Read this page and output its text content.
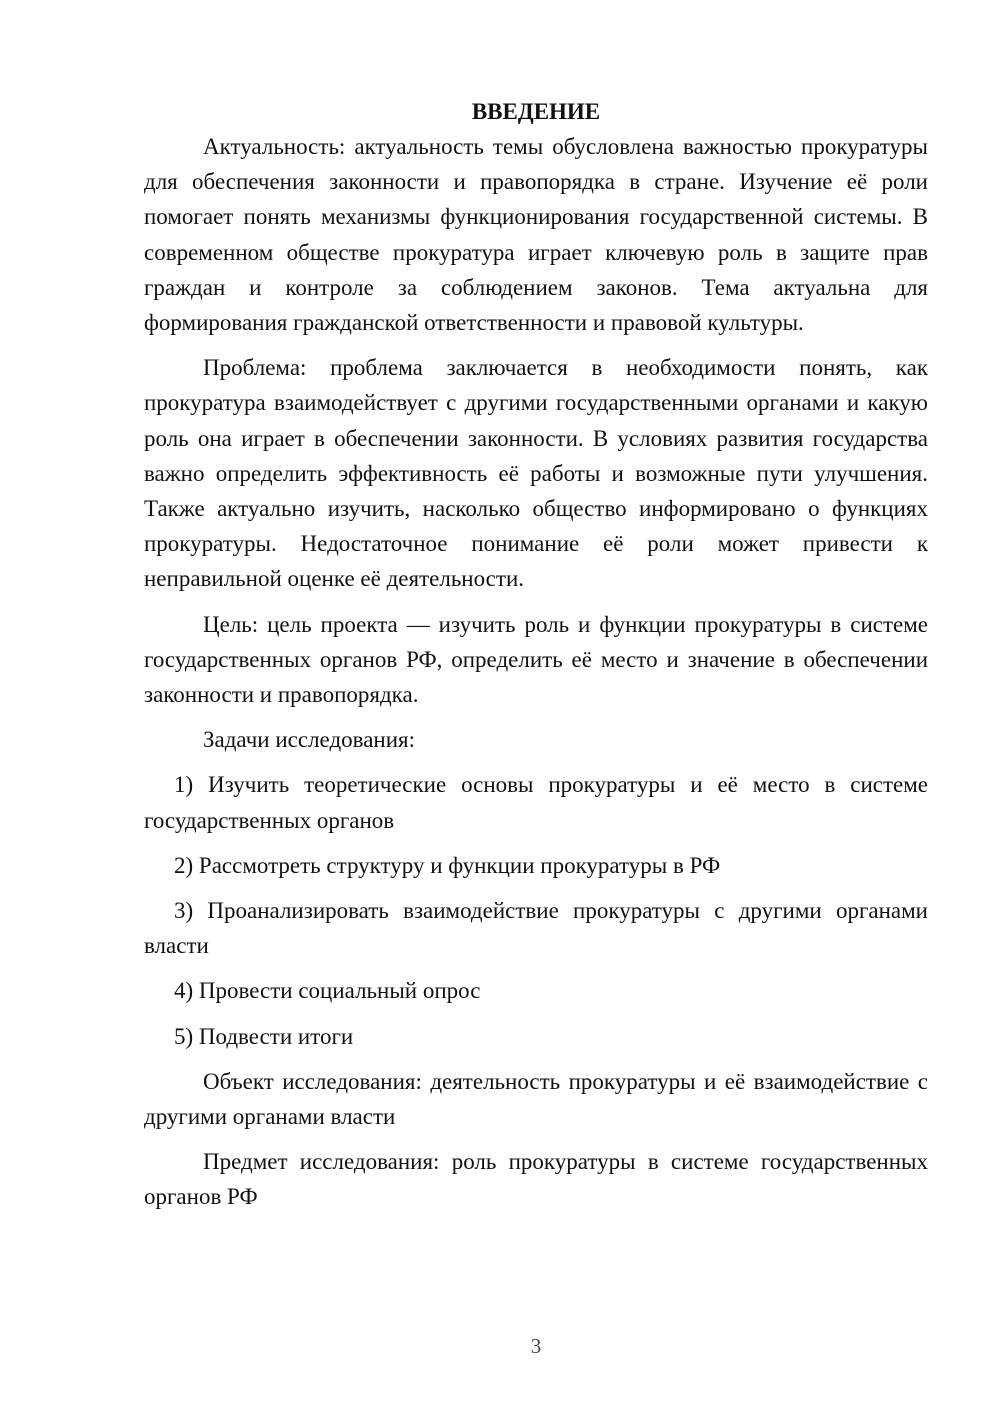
ВВЕДЕНИЕ

Актуальность: актуальность темы обусловлена важностью прокуратуры для обеспечения законности и правопорядка в стране. Изучение её роли помогает понять механизмы функционирования государственной системы. В современном обществе прокуратура играет ключевую роль в защите прав граждан и контроле за соблюдением законов. Тема актуальна для формирования гражданской ответственности и правовой культуры.

Проблема: проблема заключается в необходимости понять, как прокуратура взаимодействует с другими государственными органами и какую роль она играет в обеспечении законности. В условиях развития государства важно определить эффективность её работы и возможные пути улучшения. Также актуально изучить, насколько общество информировано о функциях прокуратуры. Недостаточное понимание её роли может привести к неправильной оценке её деятельности.

Цель: цель проекта — изучить роль и функции прокуратуры в системе государственных органов РФ, определить её место и значение в обеспечении законности и правопорядка.

Задачи исследования:

1) Изучить теоретические основы прокуратуры и её место в системе государственных органов

2) Рассмотреть структуру и функции прокуратуры в РФ

3) Проанализировать взаимодействие прокуратуры с другими органами власти

4) Провести социальный опрос

5) Подвести итоги

Объект исследования: деятельность прокуратуры и её взаимодействие с другими органами власти

Предмет исследования: роль прокуратуры в системе государственных органов РФ

3
